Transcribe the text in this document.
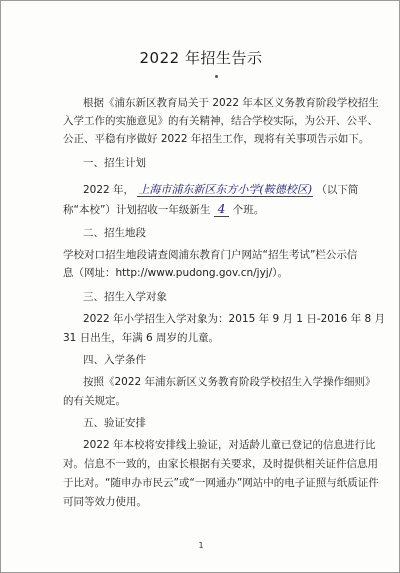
2022 年招生告示
根据《浦东新区教育局关于 2022 年本区义务教育阶段学校招生
入学工作的实施意见》的有关精神，结合学校实际，为公开、公平、
公正、平稳有序做好 2022 年招生工作，现将有关事项告示如下。
一、招生计划
2022 年， 上海市浦东新区东方小学(鞍德校区) （以下简
称“本校”）计划招收一年级新生 4 个班。
二、招生地段
学校对口招生地段请查阅浦东教育门户网站“招生考试”栏公示信
息（网址：http://www.pudong.gov.cn/jyj/）。
三、招生入学对象
2022 年小学招生入学对象为：2015 年 9 月 1 日-2016 年 8 月
31 日出生，年满 6 周岁的儿童。
四、入学条件
按照《2022 年浦东新区义务教育阶段学校招生入学操作细则》
的有关规定。
五、验证安排
2022 年本校将安排线上验证，对适龄儿童已登记的信息进行比
对。信息不一致的，由家长根据有关要求，及时提供相关证件信息用
于比对。“随申办市民云”或“一网通办”网站中的电子证照与纸质证件
可同等效力使用。
1
